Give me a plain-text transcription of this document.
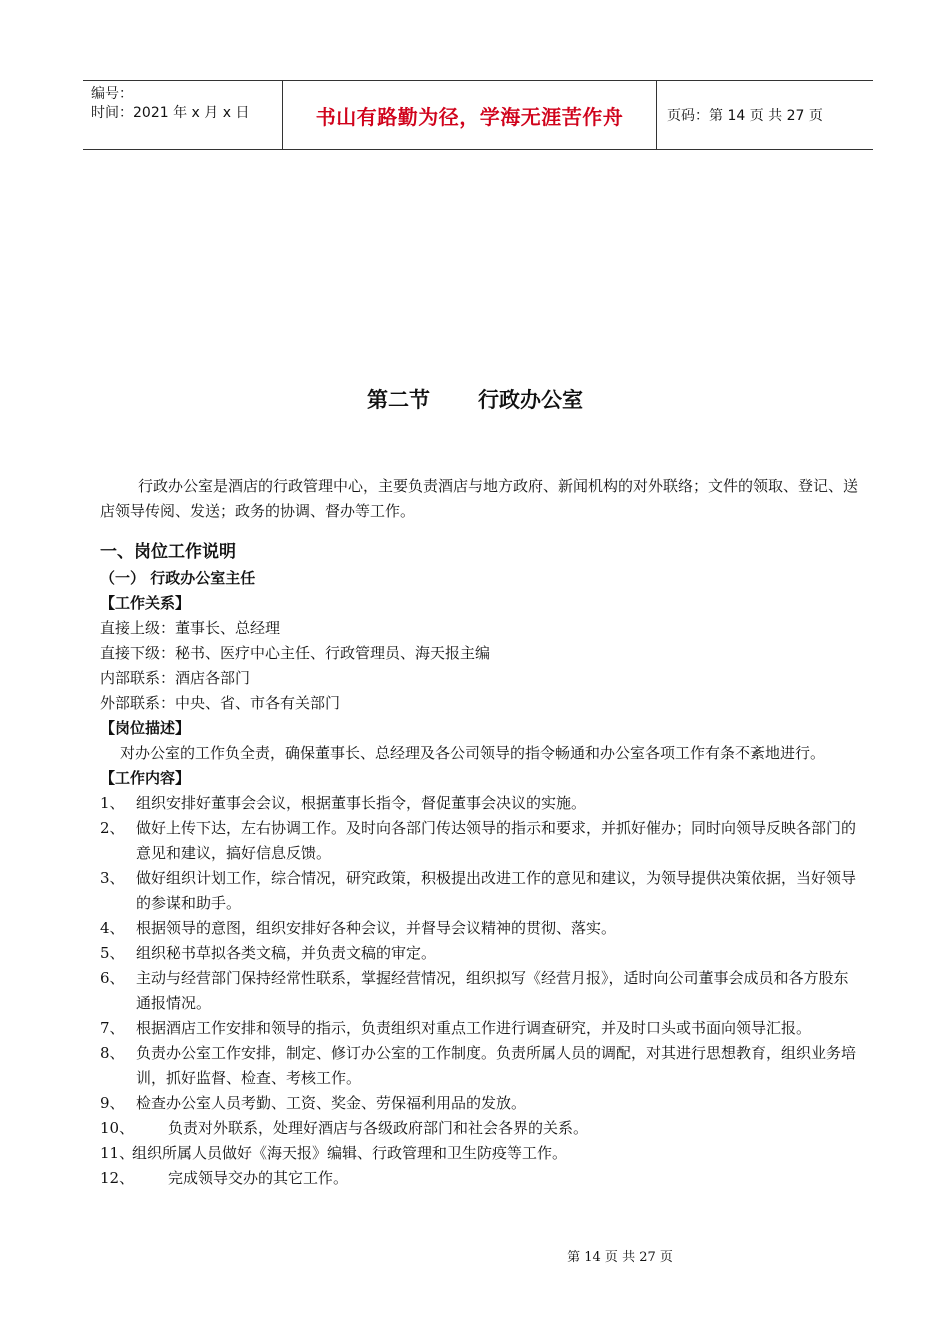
编号：
时间：2021 年 x 月 x 日	书山有路勤为径，学海无涯苦作舟	页码：第 14 页 共 27 页
第二节 行政办公室

行政办公室是酒店的行政管理中心，主要负责酒店与地方政府、新闻机构的对外联络；文件的领取、登记、送店领导传阅、发送；政务的协调、督办等工作。

一、岗位工作说明

（一） 行政办公室主任

【工作关系】

直接上级：董事长、总经理

直接下级：秘书、医疗中心主任、行政管理员、海天报主编

内部联系：酒店各部门

外部联系：中央、省、市各有关部门

【岗位描述】

对办公室的工作负全责，确保董事长、总经理及各公司领导的指令畅通和办公室各项工作有条不紊地进行。

【工作内容】

1、 组织安排好董事会会议，根据董事长指令，督促董事会决议的实施。
2、 做好上传下达，左右协调工作。及时向各部门传达领导的指示和要求，并抓好催办；同时向领导反映各部门的意见和建议，搞好信息反馈。
3、 做好组织计划工作，综合情况，研究政策，积极提出改进工作的意见和建议，为领导提供决策依据，当好领导的参谋和助手。
4、 根据领导的意图，组织安排好各种会议，并督导会议精神的贯彻、落实。
5、 组织秘书草拟各类文稿，并负责文稿的审定。
6、 主动与经营部门保持经常性联系，掌握经营情况，组织拟写《经营月报》，适时向公司董事会成员和各方股东通报情况。
7、 根据酒店工作安排和领导的指示，负责组织对重点工作进行调查研究，并及时口头或书面向领导汇报。
8、 负责办公室工作安排，制定、修订办公室的工作制度。负责所属人员的调配，对其进行思想教育，组织业务培训，抓好监督、检查、考核工作。
9、 检查办公室人员考勤、工资、奖金、劳保福利用品的发放。
10、	负责对外联系，处理好酒店与各级政府部门和社会各界的关系。
11、
组织所属人员做好《海天报》编辑、行政管理和卫生防疫等工作。
12、	完成领导交办的其它工作。
第 14 页 共 27 页
